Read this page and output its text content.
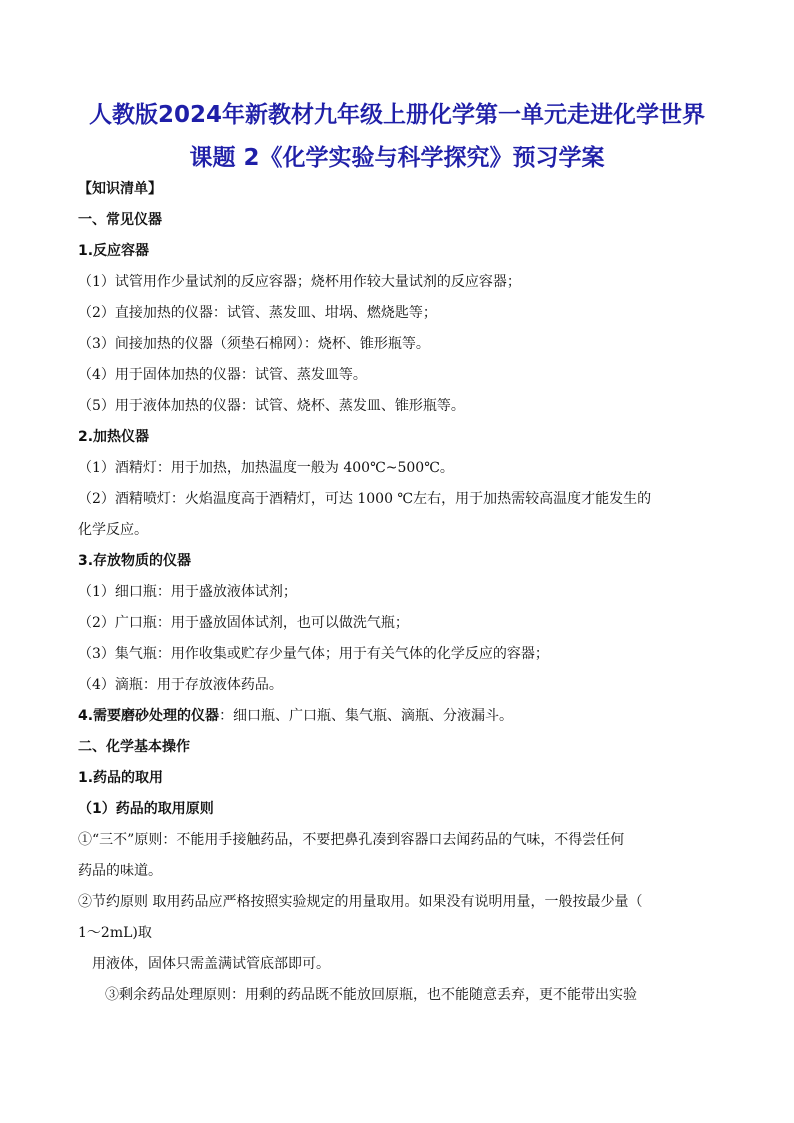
人教版2024年新教材九年级上册化学第一单元走进化学世界
课题 2《化学实验与科学探究》预习学案
【知识清单】
一、常见仪器
1.反应容器
（1）试管用作少量试剂的反应容器；烧杯用作较大量试剂的反应容器；
（2）直接加热的仪器：试管、蒸发皿、坩埚、燃烧匙等；
（3）间接加热的仪器（须垫石棉网）：烧杯、锥形瓶等。
（4）用于固体加热的仪器：试管、蒸发皿等。
（5）用于液体加热的仪器：试管、烧杯、蒸发皿、锥形瓶等。
2.加热仪器
（1）酒精灯：用于加热，加热温度一般为 400℃~500℃。
（2）酒精喷灯：火焰温度高于酒精灯，可达 1000 ℃左右，用于加热需较高温度才能发生的
化学反应。
3.存放物质的仪器
（1）细口瓶：用于盛放液体试剂；
（2）广口瓶：用于盛放固体试剂，也可以做洗气瓶；
（3）集气瓶：用作收集或贮存少量气体；用于有关气体的化学反应的容器；
（4）滴瓶：用于存放液体药品。
4.需要磨砂处理的仪器：细口瓶、广口瓶、集气瓶、滴瓶、分液漏斗。
二、化学基本操作
1.药品的取用
（1）药品的取用原则
①“三不”原则：不能用手接触药品，不要把鼻孔凑到容器口去闻药品的气味，不得尝任何
药品的味道。
②节约原则 取用药品应严格按照实验规定的用量取用。如果没有说明用量，一般按最少量（
1～2mL)取
用液体，固体只需盖满试管底部即可。
③剩余药品处理原则：用剩的药品既不能放回原瓶，也不能随意丢弃，更不能带出实验
